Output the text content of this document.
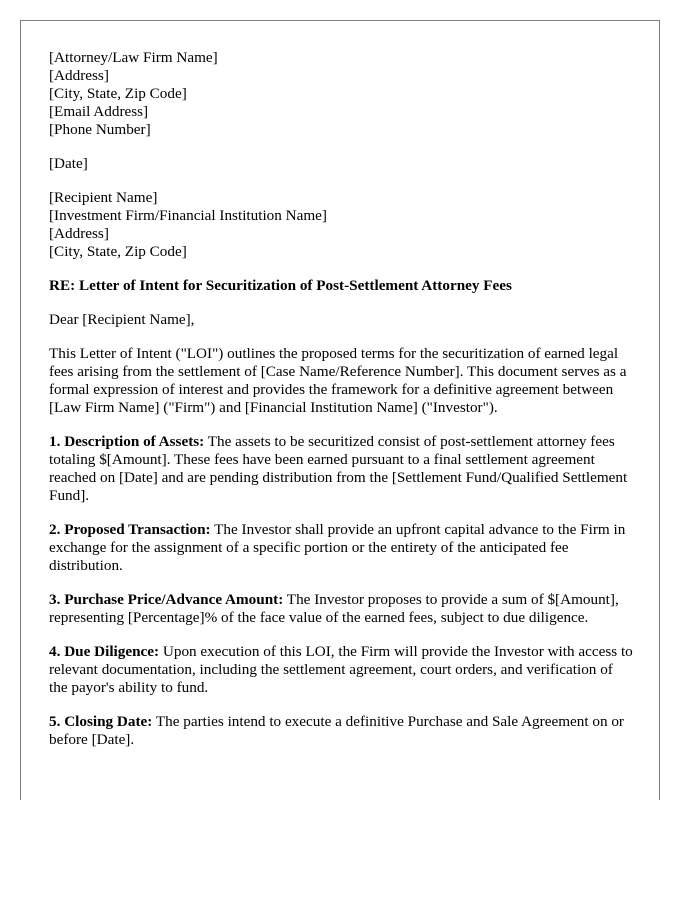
[Attorney/Law Firm Name]
[Address]
[City, State, Zip Code]
[Email Address]
[Phone Number]
[Date]
[Recipient Name]
[Investment Firm/Financial Institution Name]
[Address]
[City, State, Zip Code]
RE: Letter of Intent for Securitization of Post-Settlement Attorney Fees

Dear [Recipient Name],

This Letter of Intent ("LOI") outlines the proposed terms for the securitization of earned legal fees arising from the settlement of [Case Name/Reference Number]. This document serves as a formal expression of interest and provides the framework for a definitive agreement between [Law Firm Name] ("Firm") and [Financial Institution Name] ("Investor").

1. Description of Assets: The assets to be securitized consist of post-settlement attorney fees totaling $[Amount]. These fees have been earned pursuant to a final settlement agreement reached on [Date] and are pending distribution from the [Settlement Fund/Qualified Settlement Fund].

2. Proposed Transaction: The Investor shall provide an upfront capital advance to the Firm in exchange for the assignment of a specific portion or the entirety of the anticipated fee distribution.

3. Purchase Price/Advance Amount: The Investor proposes to provide a sum of $[Amount], representing [Percentage]% of the face value of the earned fees, subject to due diligence.

4. Due Diligence: Upon execution of this LOI, the Firm will provide the Investor with access to relevant documentation, including the settlement agreement, court orders, and verification of the payor's ability to fund.

5. Closing Date: The parties intend to execute a definitive Purchase and Sale Agreement on or before [Date].
